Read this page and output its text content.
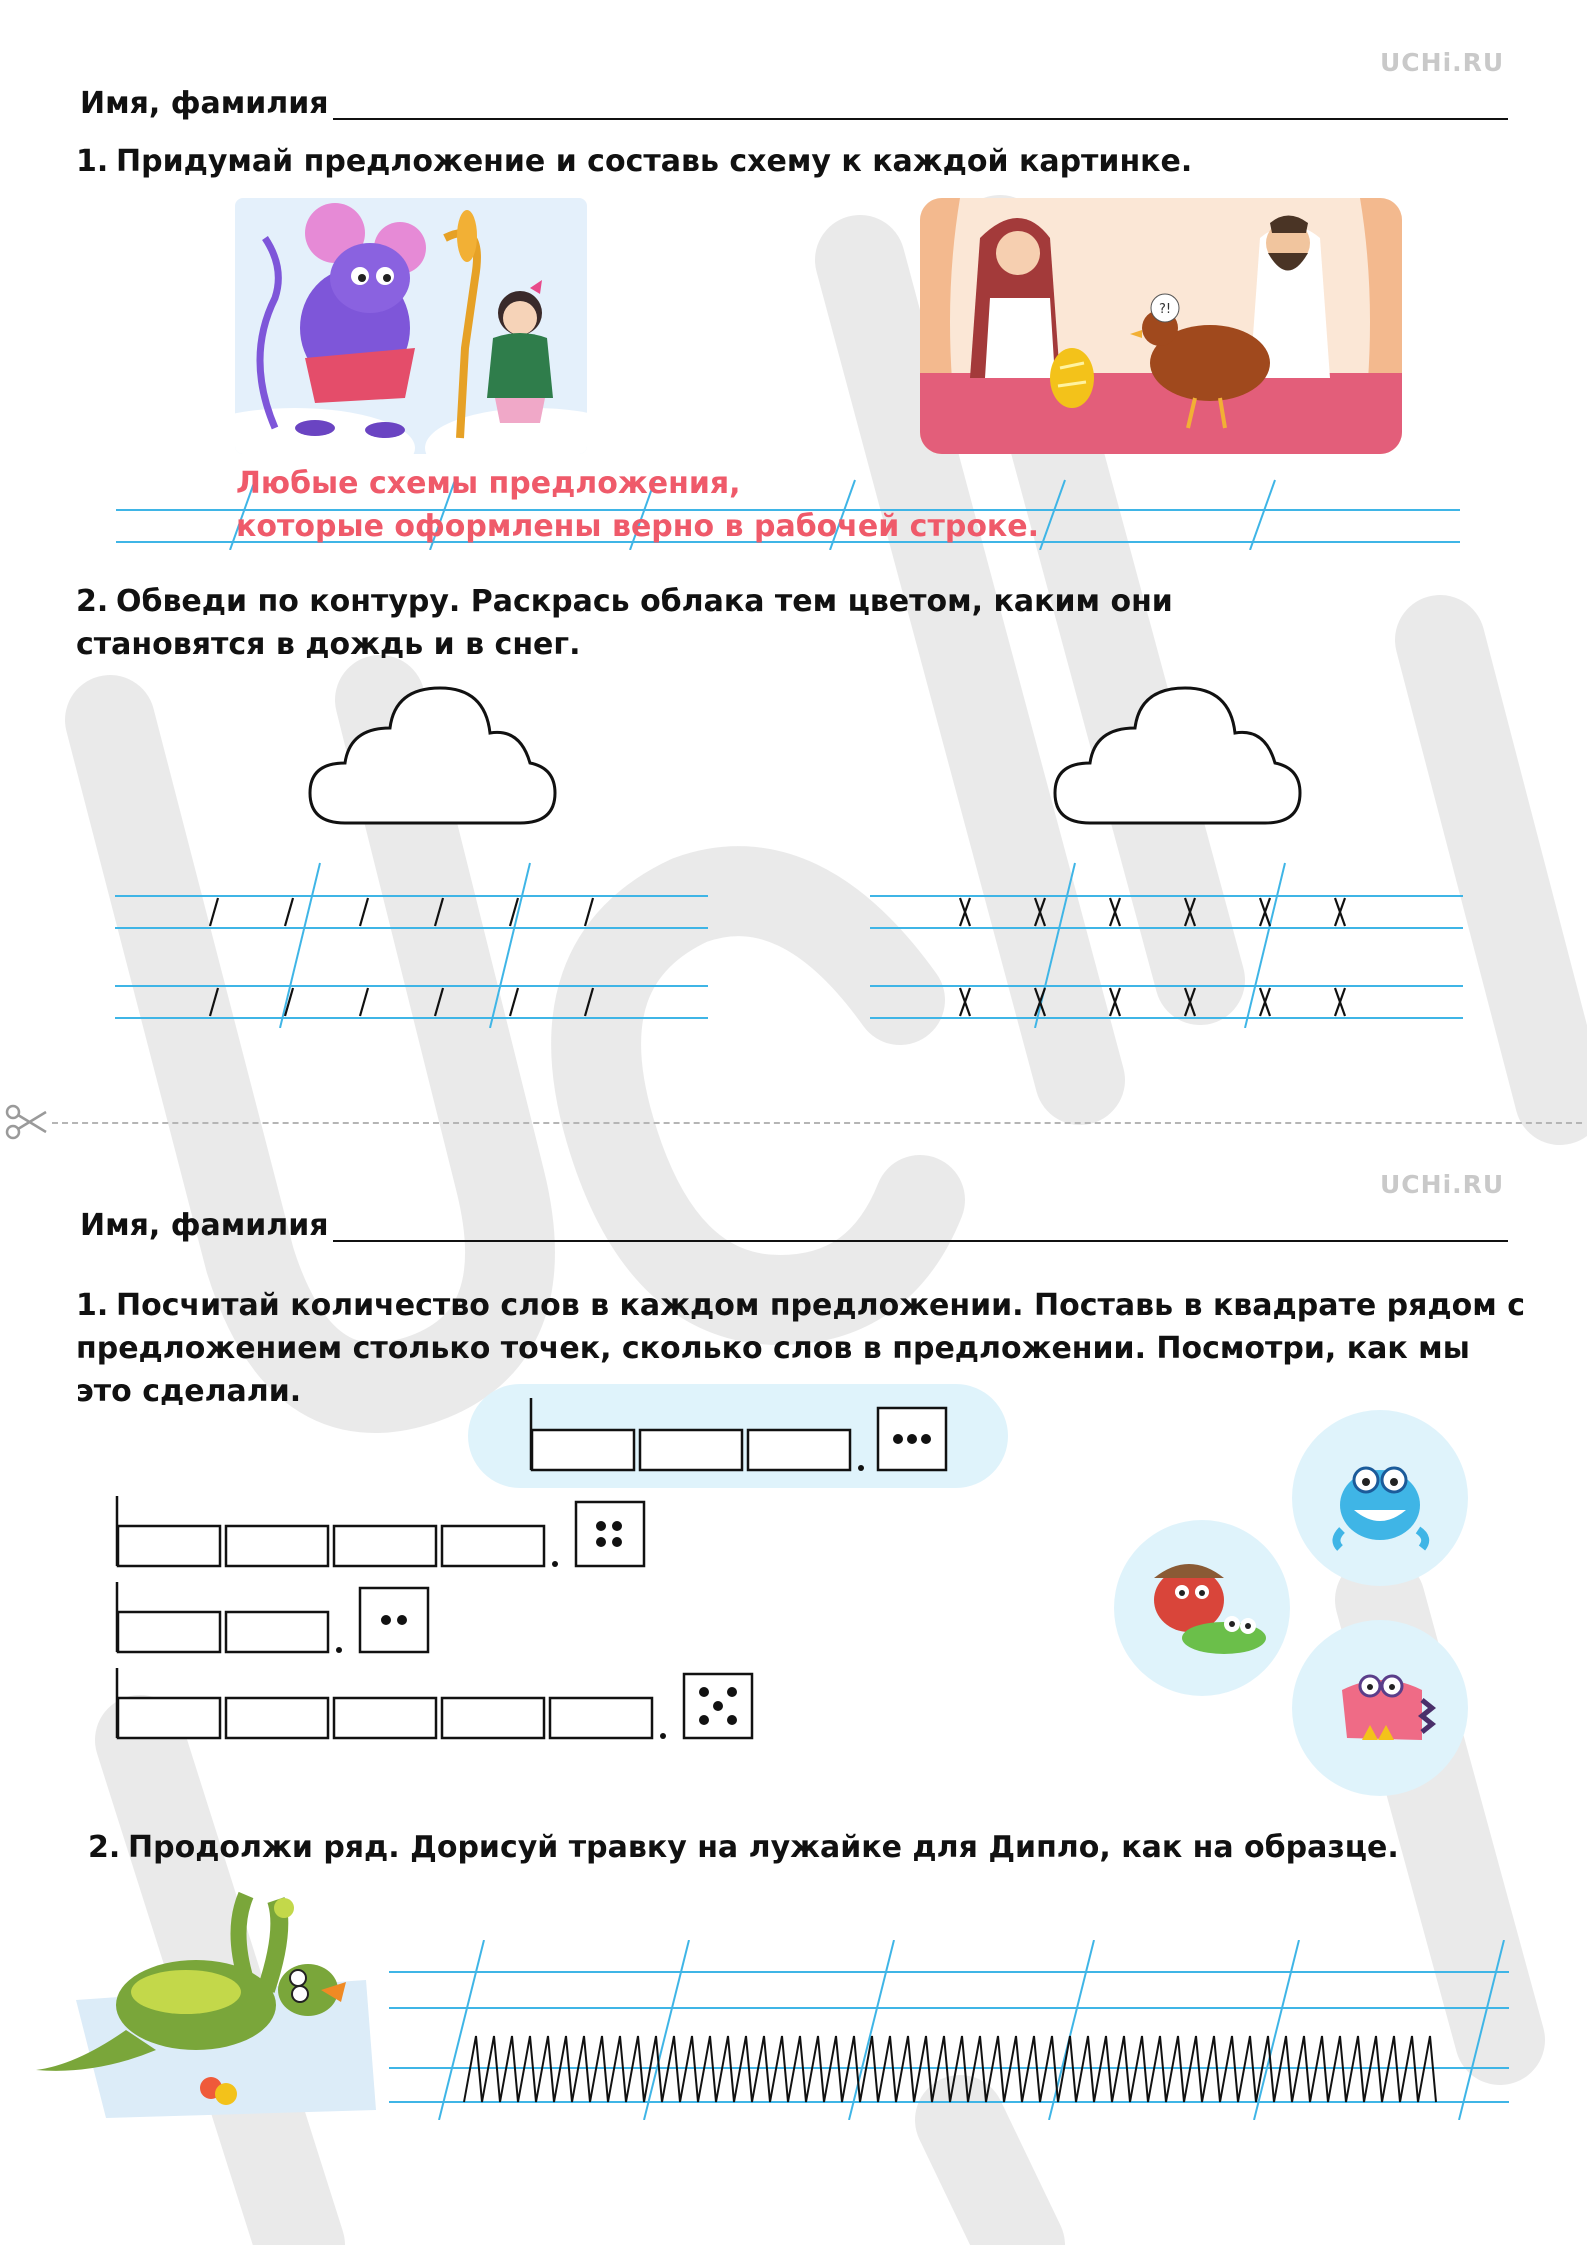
UCHi.RU
Имя, фамилия
1. Придумай предложение и составь схему к каждой картинке.
?!
Любые схемы предложения,
которые оформлены верно в рабочей строке.
2. Обведи по контуру. Раскрась облака тем цветом, каким они становятся в дождь и в снег.
UCHi.RU
Имя, фамилия
1. Посчитай количество слов в каждом предложении. Поставь в квадрате рядом с предложением столько точек, сколько слов в предложении. Посмотри, как мы это сделали.
2. Продолжи ряд. Дорисуй травку на лужайке для Дипло, как на образце.
